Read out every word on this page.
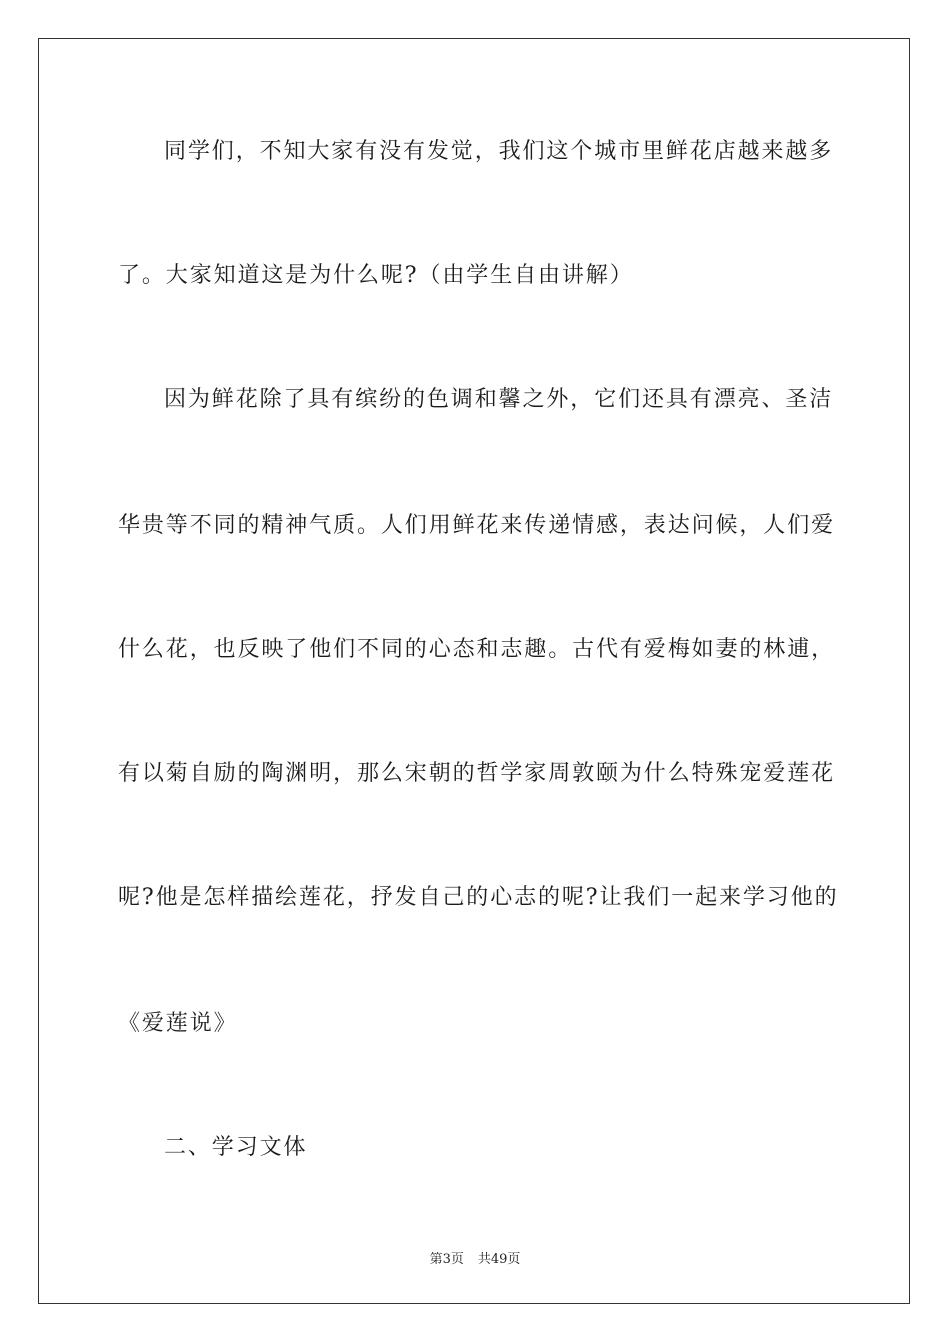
同学们，不知大家有没有发觉，我们这个城市里鲜花店越来越多

了。大家知道这是为什么呢?（由学生自由讲解）

因为鲜花除了具有缤纷的色调和馨之外，它们还具有漂亮、圣洁

华贵等不同的精神气质。人们用鲜花来传递情感，表达问候，人们爱

什么花，也反映了他们不同的心态和志趣。古代有爱梅如妻的林逋，

有以菊自励的陶渊明，那么宋朝的哲学家周敦颐为什么特殊宠爱莲花

呢?他是怎样描绘莲花，抒发自己的心志的呢?让我们一起来学习他的

《爱莲说》

二、学习文体

第3页 共49页
